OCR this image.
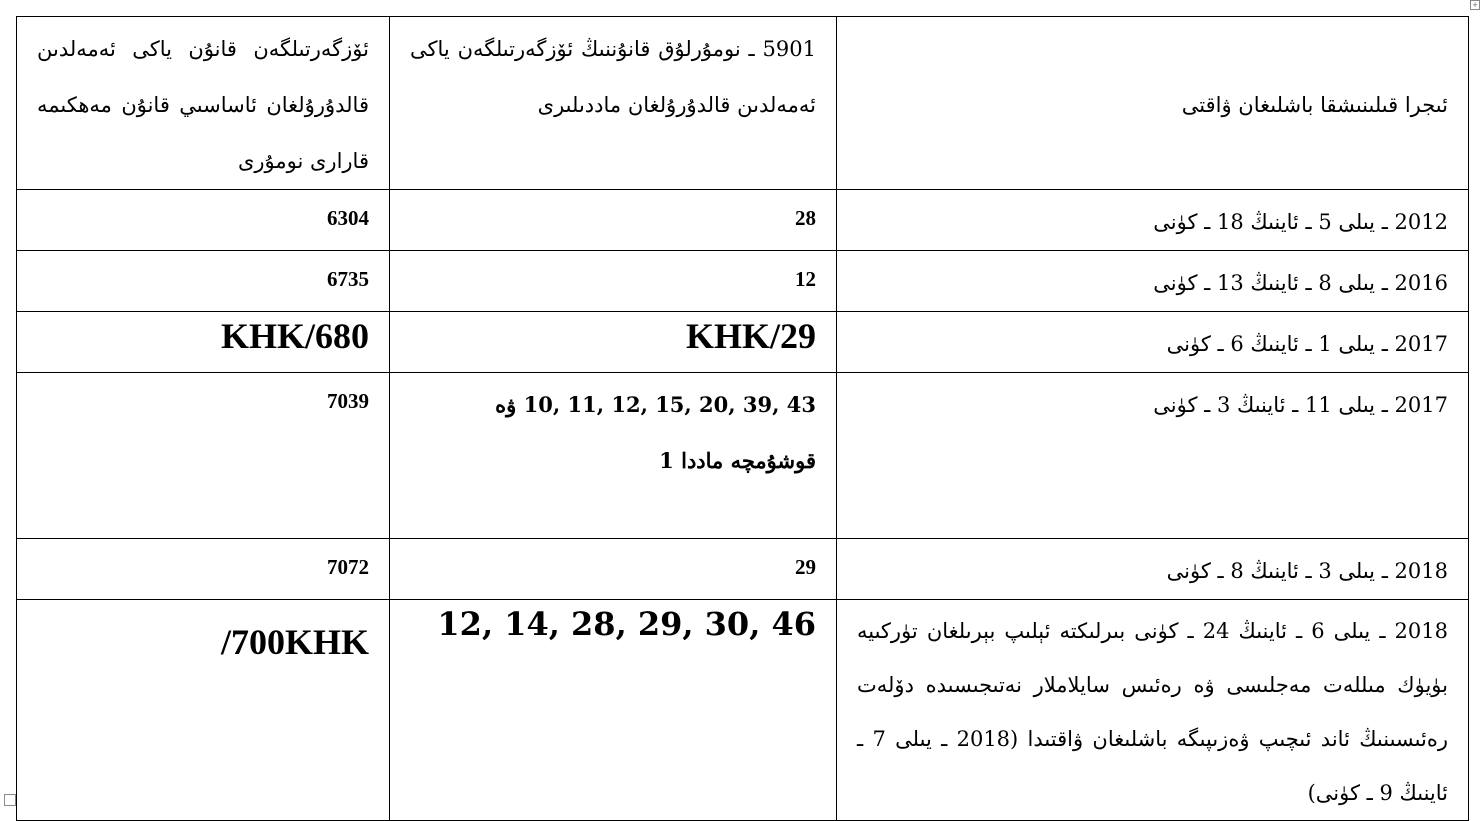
+
ئىجرا قىلىنىشقا باشلىغان ۋاقتى	5901 ـ نومۇرلۇق قانۇننىڭ ئۆزگەرتىلگەن ياكى ئەمەلدىن قالدۇرۇلغان ماددىلىرى	ئۆزگەرتىلگەن قانۇن ياكى ئەمەلدىن قالدۇرۇلغان ئاساسىي قانۇن مەھكىمە قارارى نومۇرى
2012 ـ يىلى 5 ـ ئاينىڭ 18 ـ كۈنى	28	6304
2016 ـ يىلى 8 ـ ئاينىڭ 13 ـ كۈنى	12	6735
2017 ـ يىلى 1 ـ ئاينىڭ 6 ـ كۈنى	KHK/29	KHK/680
2017 ـ يىلى 11 ـ ئاينىڭ 3 ـ كۈنى	43 ,39 ,20 ,15 ,12 ,11 ,10 ۋە قوشۇمچە ماددا 1	7039
2018 ـ يىلى 3 ـ ئاينىڭ 8 ـ كۈنى	29	7072
2018 ـ يىلى 6 ـ ئاينىڭ 24 ـ كۈنى بىرلىكتە ئېلىپ بېرىلغان تۈركىيە بۈيۈك مىللەت مەجلىسى ۋە رەئىس سايلاملار نەتىجىسىدە دۆلەت رەئىسىنىڭ ئاند ئىچىپ ۋەزىپىگە باشلىغان ۋاقتىدا (2018 ـ يىلى 7 ـ ئاينىڭ 9 ـ كۈنى)	46 ,30 ,29 ,28 ,14 ,12	700KHK/
